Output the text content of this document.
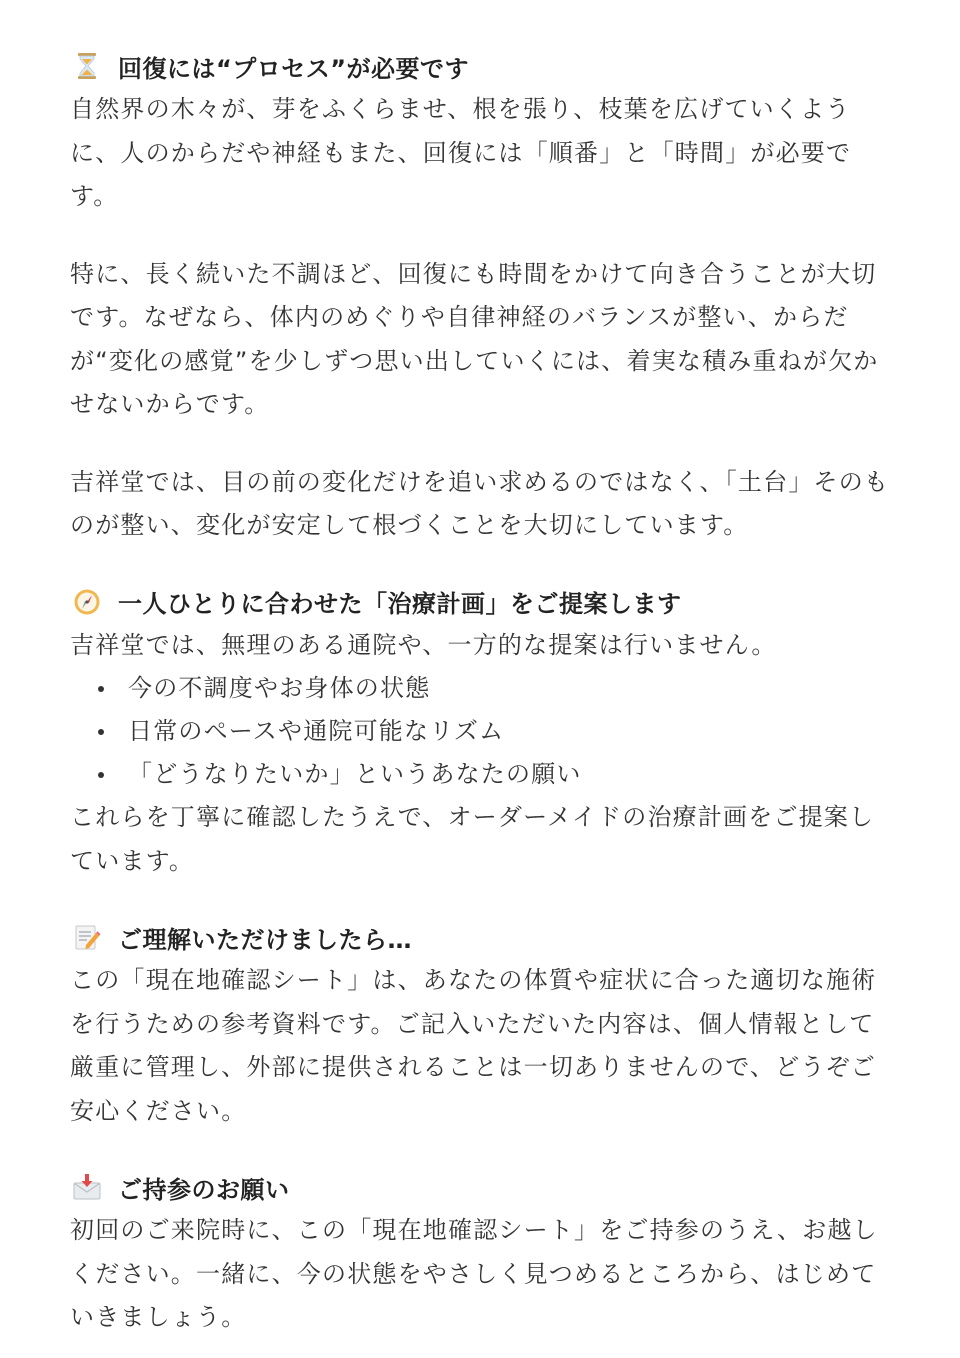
回復には“プロセス”が必要です

自然界の木々が、芽をふくらませ、根を張り、枝葉を広げていくように、人のからだや神経もまた、回復には「順番」と「時間」が必要です。

特に、長く続いた不調ほど、回復にも時間をかけて向き合うことが大切です。なぜなら、体内のめぐりや自律神経のバランスが整い、からだが“変化の感覚”を少しずつ思い出していくには、着実な積み重ねが欠かせないからです。

吉祥堂では、目の前の変化だけを追い求めるのではなく、「土台」そのものが整い、変化が安定して根づくことを大切にしています。

一人ひとりに合わせた「治療計画」をご提案します

吉祥堂では、無理のある通院や、一方的な提案は行いません。

今の不調度やお身体の状態
日常のペースや通院可能なリズム
「どうなりたいか」というあなたの願い

これらを丁寧に確認したうえで、オーダーメイドの治療計画をご提案しています。

ご理解いただけましたら…

この「現在地確認シート」は、あなたの体質や症状に合った適切な施術を行うための参考資料です。ご記入いただいた内容は、個人情報として厳重に管理し、外部に提供されることは一切ありませんので、どうぞご安心ください。

ご持参のお願い

初回のご来院時に、この「現在地確認シート」をご持参のうえ、お越しください。一緒に、今の状態をやさしく見つめるところから、はじめていきましょう。
